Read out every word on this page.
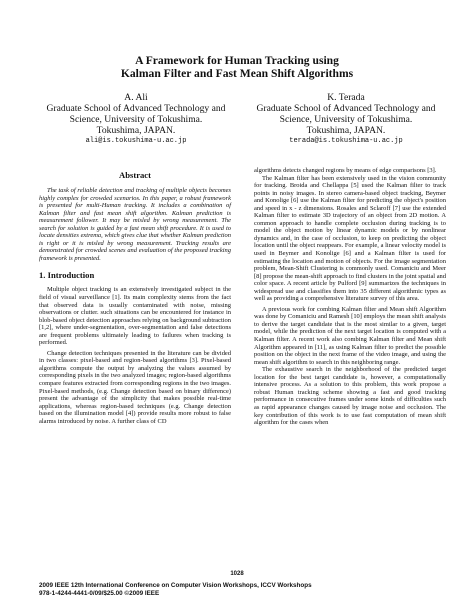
A Framework for Human Tracking using
Kalman Filter and Fast Mean Shift Algorithms
A. Ali
Graduate School of Advanced Technology and
Science, University of Tokushima.
Tokushima, JAPAN.
ali@is.tokushima-u.ac.jp
K. Terada
Graduate School of Advanced Technology and
Science, University of Tokushima.
Tokushima, JAPAN.
terada@is.tokushima-u.ac.jp

Abstract

The task of reliable detection and tracking of multiple objects becomes highly complex for crowded scenarios. In this paper, a robust framework is presented for multi-Human tracking. It includes a combination of Kalman filter and fast mean shift algorithm. Kalman prediction is measurement follower. It may be misled by wrong measurement. The search for solution is guided by a fast mean shift procedure. It is used to locate densities extrema, which gives clue that whether Kalman prediction is right or it is misled by wrong measurement. Tracking results are demonstrated for crowded scenes and evaluation of the proposed tracking framework is presented.

1. Introduction

Multiple object tracking is an extensively investigated subject in the field of visual surveillance [1]. Its main complexity stems from the fact that observed data is usually contaminated with noise, missing observations or clutter. such situations can be encountered for instance in blob-based object detection approaches relying on background subtraction [1,2], where under-segmentation, over-segmentation and false detections are frequent problems ultimately leading to failures when tracking is performed.

Change detection techniques presented in the literature can be divided in two classes: pixel-based and region-based algorithms [3]. Pixel-based algorithms compute the output by analyzing the values assumed by corresponding pixels in the two analyzed images; region-based algorithms compare features extracted from corresponding regions in the two images. Pixel-based methods, (e.g. Change detection based on binary difference) present the advantage of the simplicity that makes possible real-time applications, whereas region-based techniques (e.g. Change detection based on the illumination model [4]) provide results more robust to false alarms introduced by noise. A further class of CD

algorithms detects changed regions by means of edge comparisons [3].

The Kalman filter has been extensively used in the vision community for tracking. Broida and Chellappa [5] used the Kalman filter to track points in noisy images. In stereo camera-based object tracking, Beymer and Konolige [6] use the Kalman filter for predicting the object's position and speed in x - z dimensions. Rosales and Sclaroff [7] use the extended Kalman filter to estimate 3D trajectory of an object from 2D motion. A common approach to handle complete occlusion during tracking is to model the object motion by linear dynamic models or by nonlinear dynamics and, in the case of occlusion, to keep on predicting the object location until the object reappears. For example, a linear velocity model is used in Beymer and Konolige [6] and a Kalman filter is used for estimating the location and motion of objects. For the image segmentation problem, Mean-Shift Clustering is commonly used. Comaniciu and Meer [8] propose the mean-shift approach to find clusters in the joint spatial and color space. A recent article by Pulford [9] summarizes the techniques in widespread use and classifies them into 35 different algorithmic types as well as providing a comprehensive literature survey of this area.

A previous work for combing Kalman filter and Mean shift Algorithm was done by Comaniciu and Ramesh [10] employs the mean shift analysis to derive the target candidate that is the most similar to a given, target model, while the prediction of the next target location is computed with a Kalman filter. A recent work also combing Kalman filter and Mean shift Algorithm appeared in [11], as using Kalman filter to predict the possible position on the object in the next frame of the video image, and using the mean shift algorithm to search in this neighboring range.

The exhaustive search in the neighborhood of the predicted target location for the best target candidate is, however, a computationally intensive process. As a solution to this problem, this work propose a robust Human tracking scheme showing a fast and good tracking performance in consecutive frames under some kinds of difficulties such as rapid appearance changes caused by image noise and occlusion. The key contribution of this work is to use fast computation of mean shift algorithm for the cases when

1028
2009 IEEE 12th International Conference on Computer Vision Workshops, ICCV Workshops
978-1-4244-4441-0/09/$25.00 ©2009 IEEE
